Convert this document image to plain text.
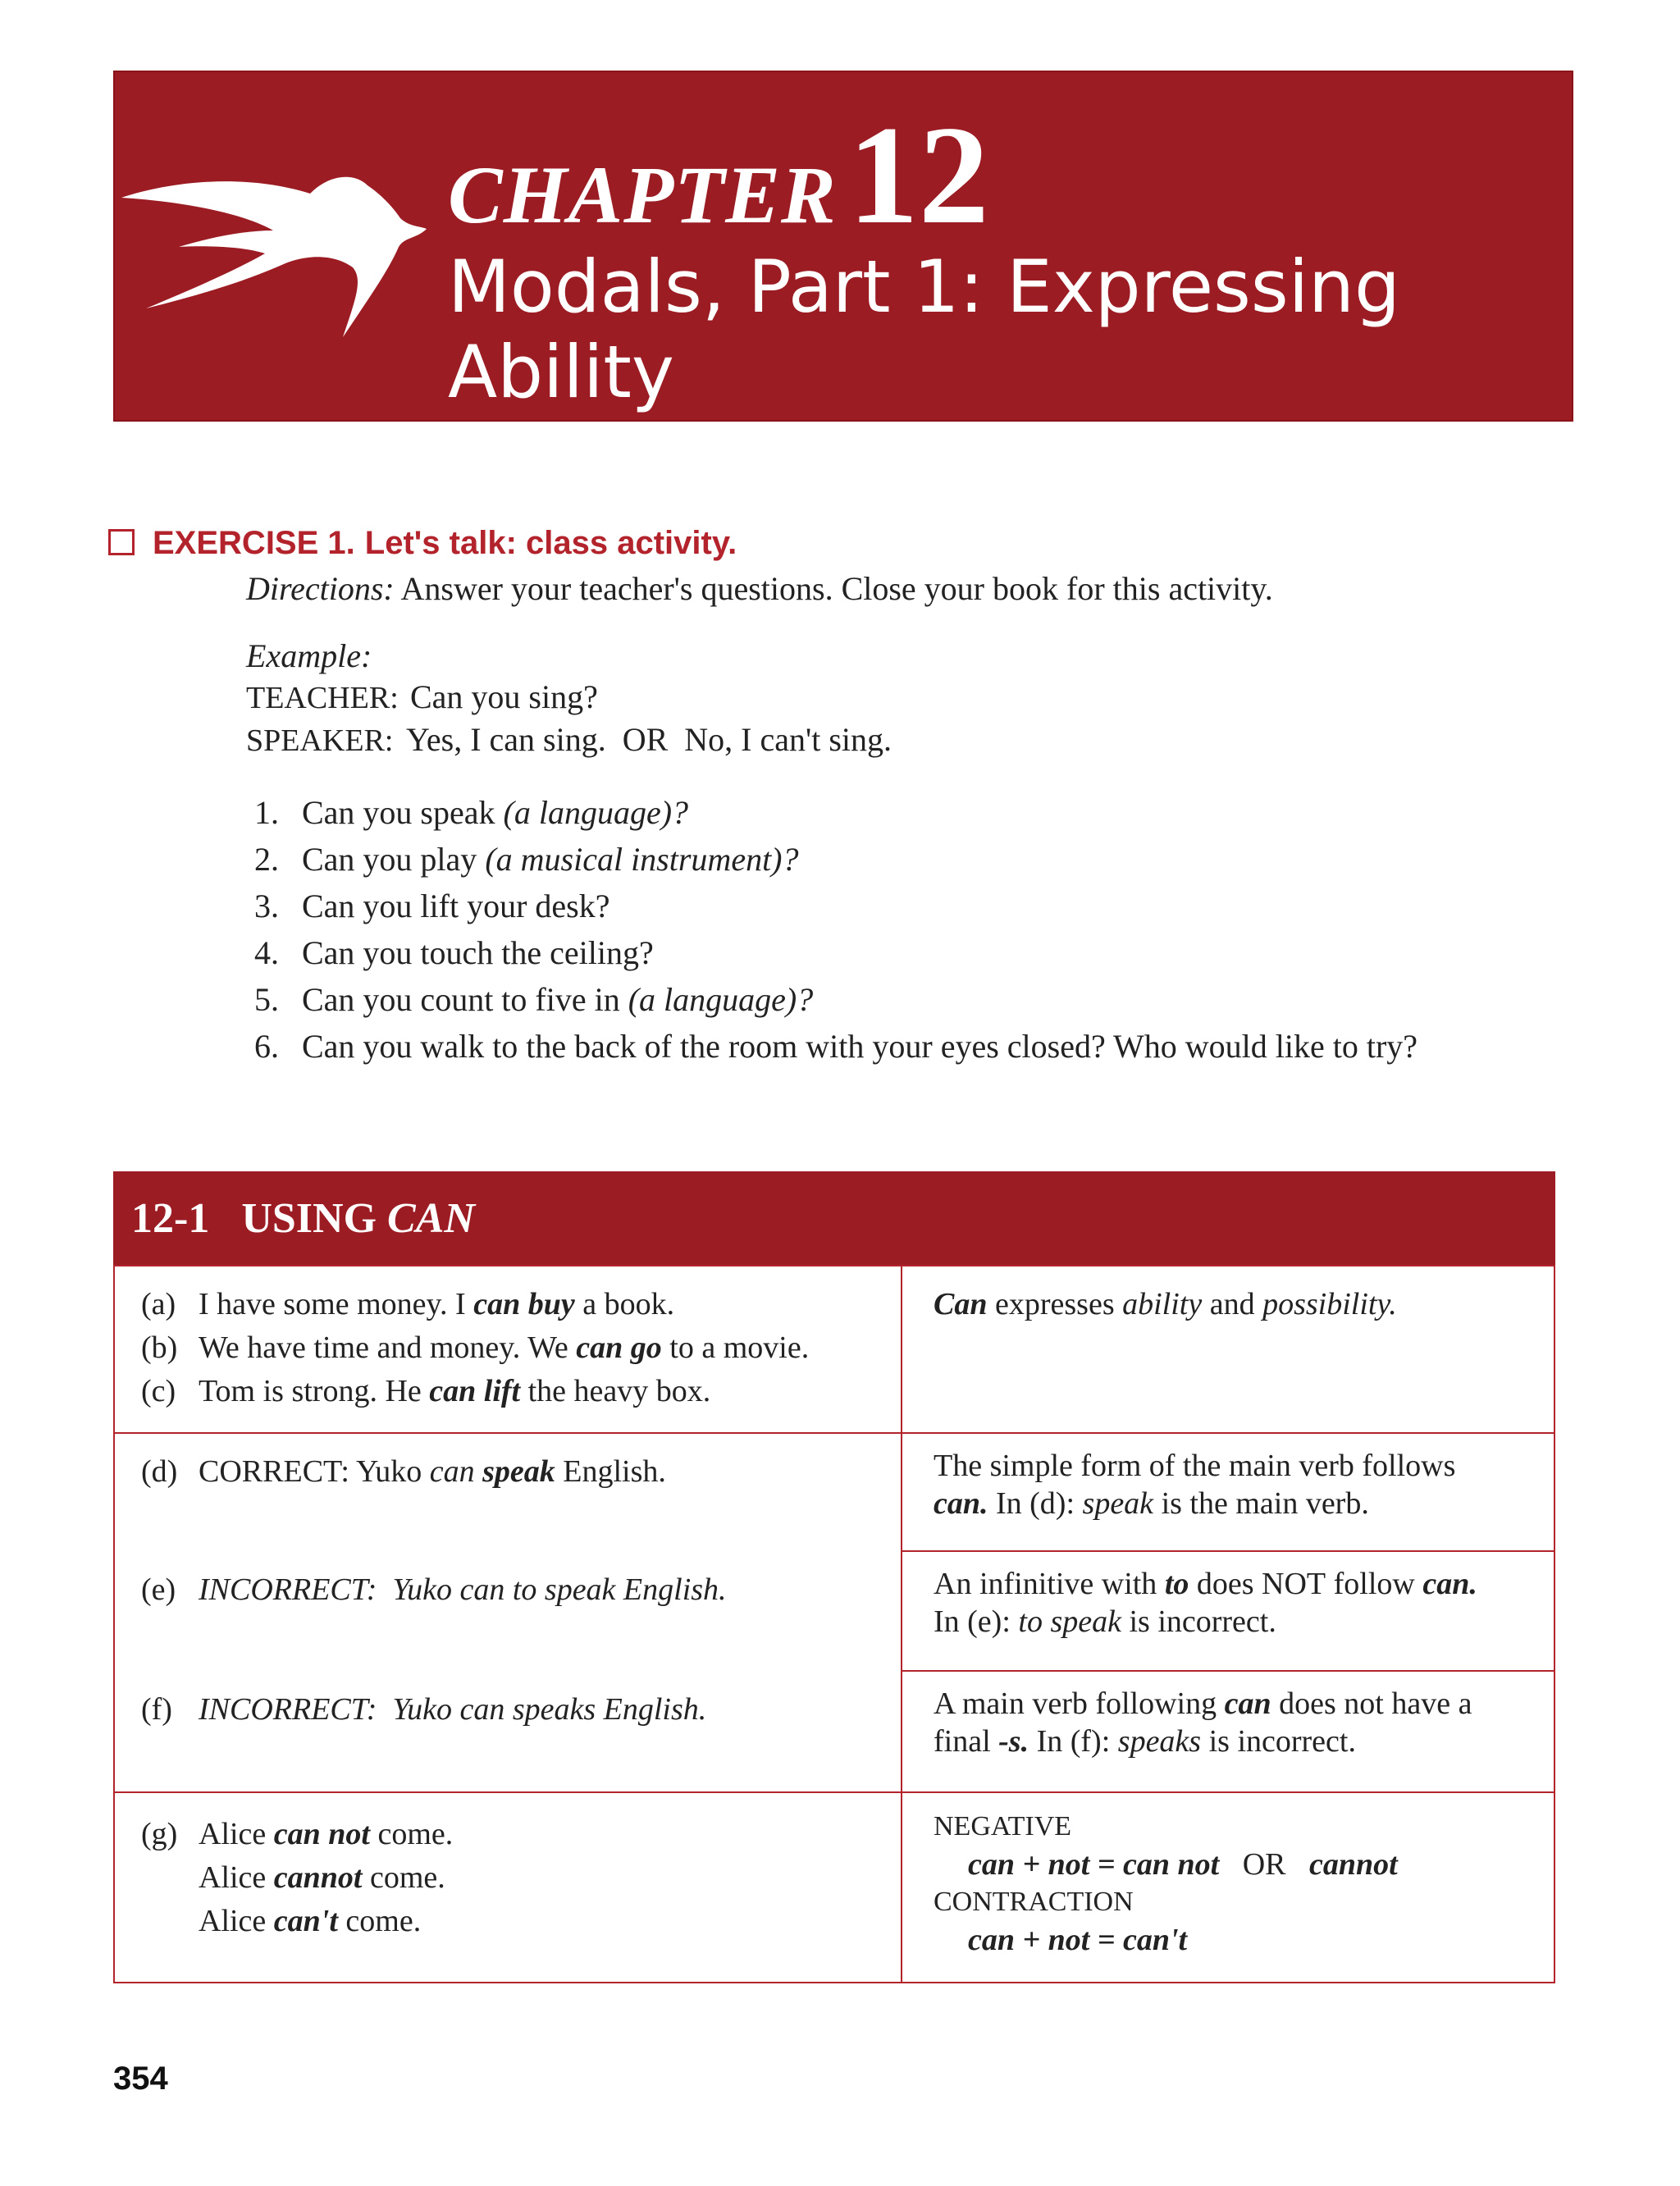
CHAPTER12
Modals, Part 1: Expressing
Ability
EXERCISE 1. Let's talk: class activity.
Directions: Answer your teacher's questions. Close your book for this activity.
Example:
TEACHER: Can you sing?
SPEAKER: Yes, I can sing. OR No, I can't sing.
1. Can you speak (a language)?
2. Can you play (a musical instrument)?
3. Can you lift your desk?
4. Can you touch the ceiling?
5. Can you count to five in (a language)?
6. Can you walk to the back of the room with your eyes closed? Who would like to try?
12-1 USING CAN
(a) I have some money. I can buy a book.
(b) We have time and money. We can go to a movie.
(c) Tom is strong. He can lift the heavy box.
Can expresses ability and possibility.
(d) CORRECT: Yuko can speak English.
(e) INCORRECT: Yuko can to speak English.
(f) INCORRECT: Yuko can speaks English.
The simple form of the main verb follows
can. In (d): speak is the main verb.
An infinitive with to does NOT follow can.
In (e): to speak is incorrect.
A main verb following can does not have a
final -s. In (f): speaks is incorrect.
(g) Alice can not come.
Alice cannot come.
Alice can't come.
NEGATIVE
can + not = can not OR cannot
CONTRACTION
can + not = can't
354
